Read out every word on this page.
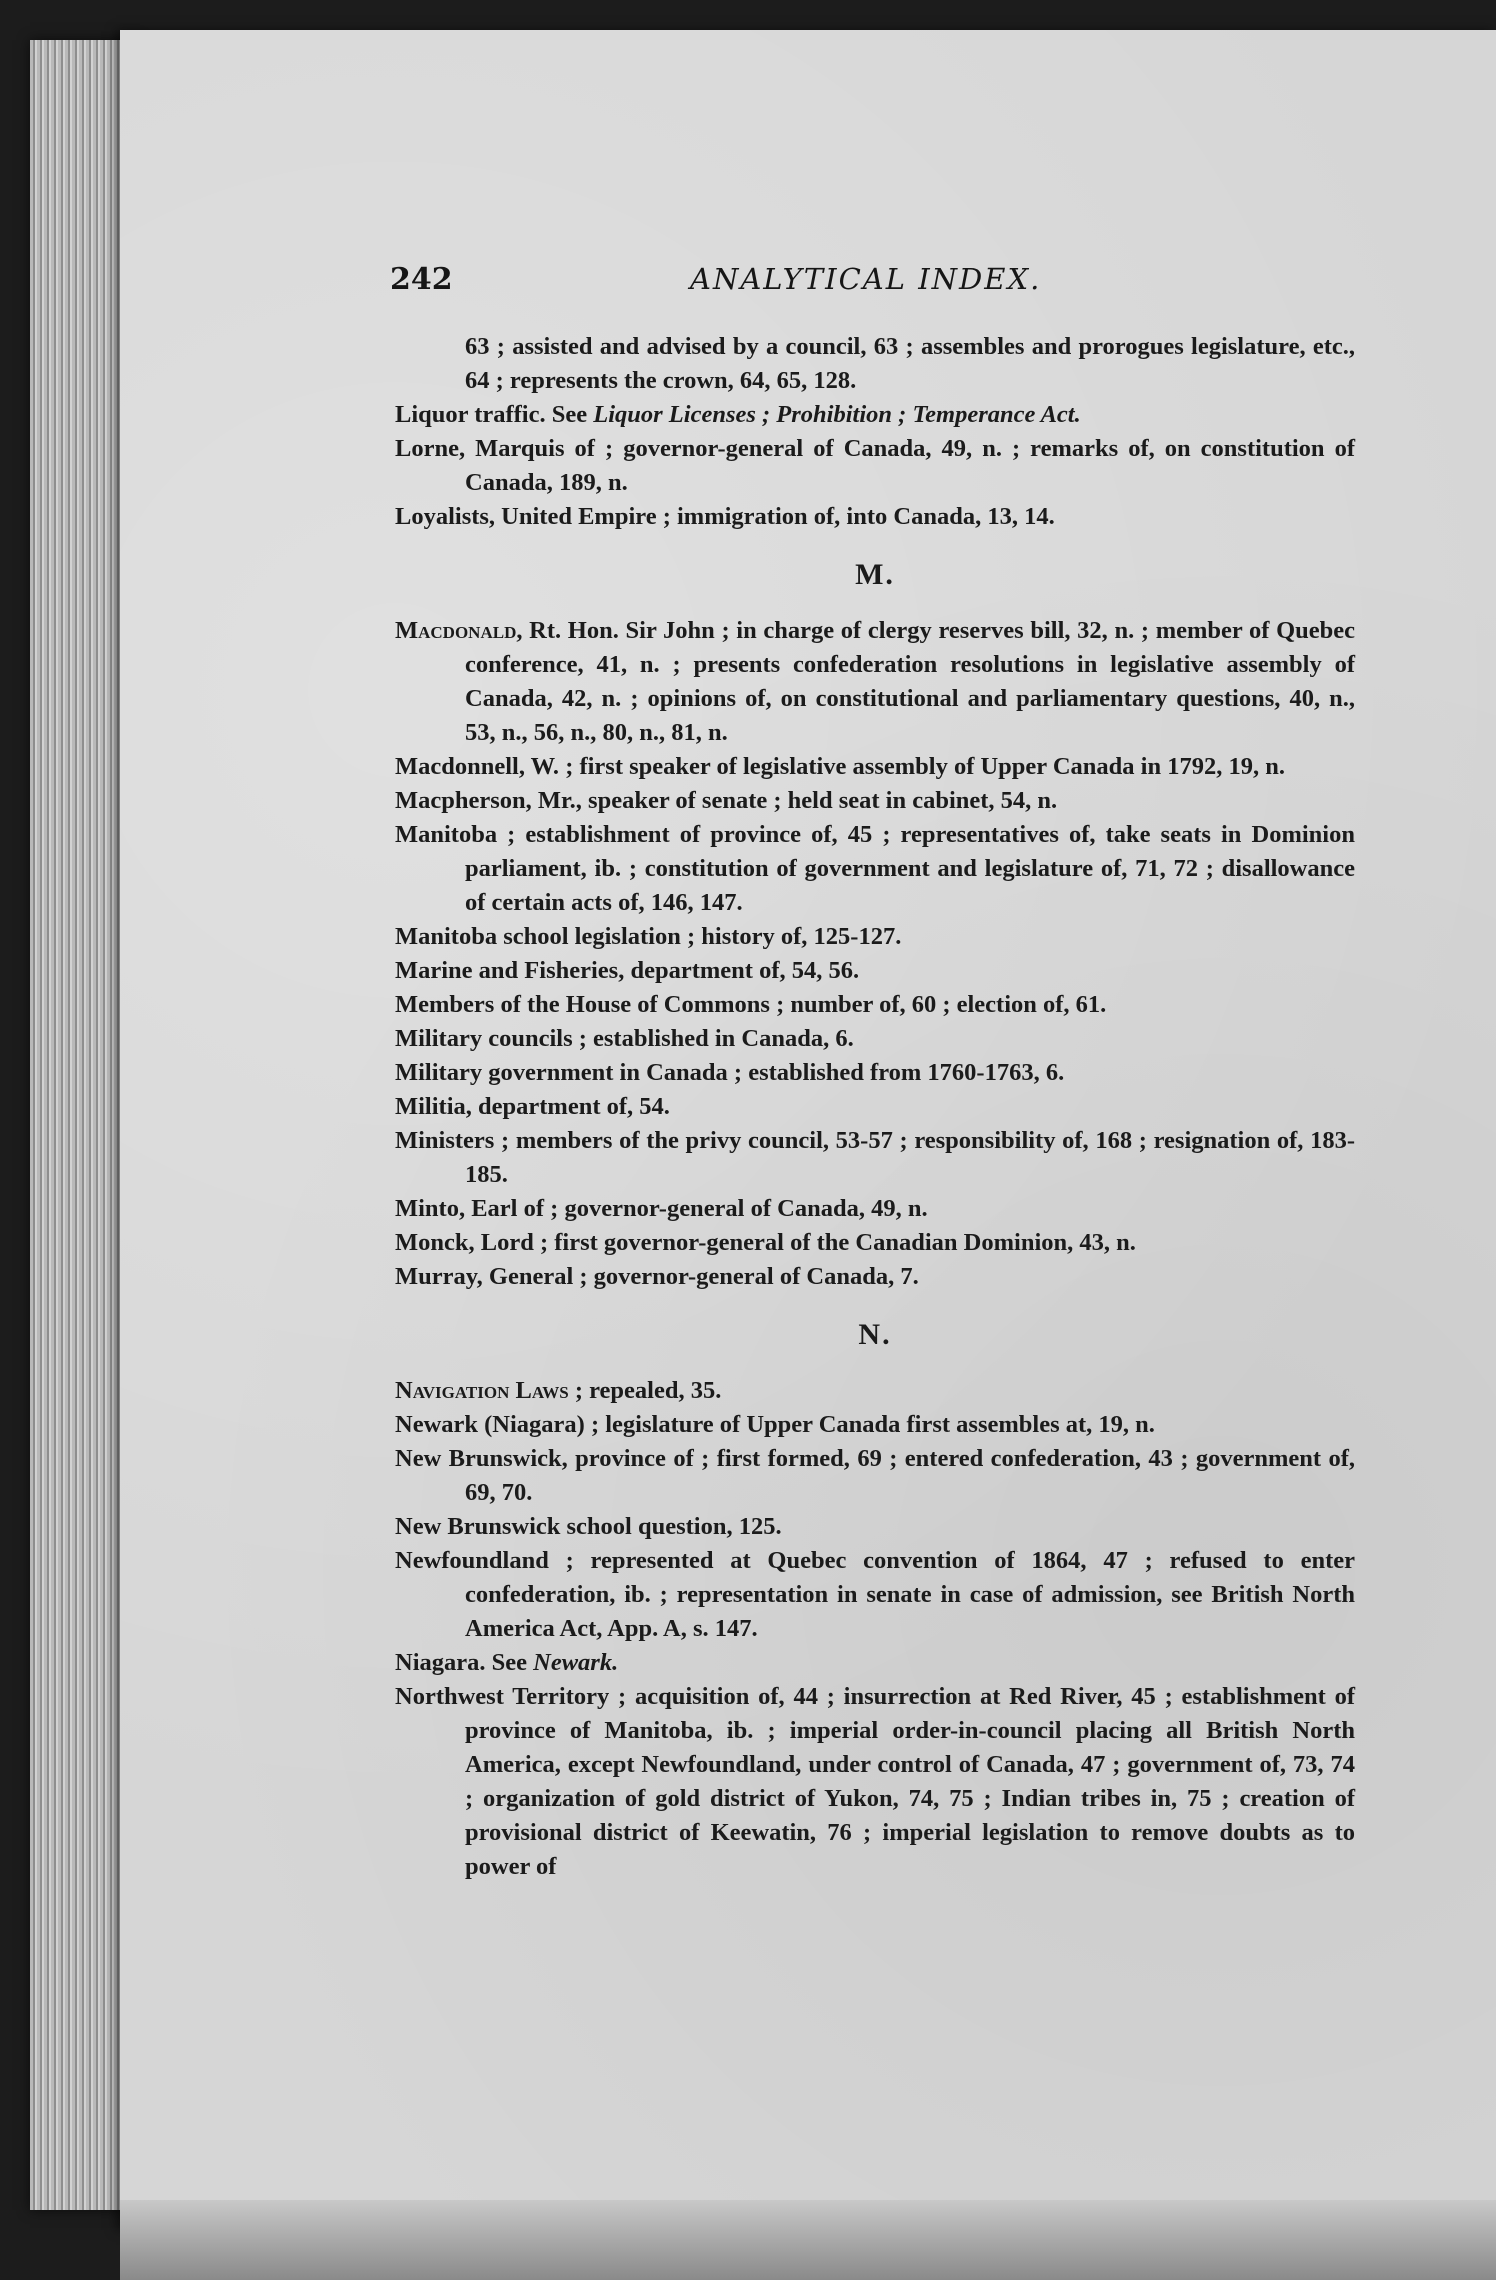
242	ANALYTICAL INDEX.

63 ; assisted and advised by a council, 63 ; assembles and prorogues legislature, etc., 64 ; represents the crown, 64, 65, 128.

Liquor traffic. See Liquor Licenses ; Prohibition ; Temperance Act.

Lorne, Marquis of ; governor-general of Canada, 49, n. ; remarks of, on constitution of Canada, 189, n.

Loyalists, United Empire ; immigration of, into Canada, 13, 14.

M.

Macdonald, Rt. Hon. Sir John ; in charge of clergy reserves bill, 32, n. ; member of Quebec conference, 41, n. ; presents confederation resolutions in legislative assembly of Canada, 42, n. ; opinions of, on constitutional and parliamentary questions, 40, n., 53, n., 56, n., 80, n., 81, n.

Macdonnell, W. ; first speaker of legislative assembly of Upper Canada in 1792, 19, n.

Macpherson, Mr., speaker of senate ; held seat in cabinet, 54, n.

Manitoba ; establishment of province of, 45 ; representatives of, take seats in Dominion parliament, ib. ; constitution of government and legislature of, 71, 72 ; disallowance of certain acts of, 146, 147.

Manitoba school legislation ; history of, 125-127.

Marine and Fisheries, department of, 54, 56.

Members of the House of Commons ; number of, 60 ; election of, 61.

Military councils ; established in Canada, 6.

Military government in Canada ; established from 1760-1763, 6.

Militia, department of, 54.

Ministers ; members of the privy council, 53-57 ; responsibility of, 168 ; resignation of, 183-185.

Minto, Earl of ; governor-general of Canada, 49, n.

Monck, Lord ; first governor-general of the Canadian Dominion, 43, n.

Murray, General ; governor-general of Canada, 7.

N.

Navigation Laws ; repealed, 35.

Newark (Niagara) ; legislature of Upper Canada first assembles at, 19, n.

New Brunswick, province of ; first formed, 69 ; entered confederation, 43 ; government of, 69, 70.

New Brunswick school question, 125.

Newfoundland ; represented at Quebec convention of 1864, 47 ; refused to enter confederation, ib. ; representation in senate in case of admission, see British North America Act, App. A, s. 147.

Niagara. See Newark.

Northwest Territory ; acquisition of, 44 ; insurrection at Red River, 45 ; establishment of province of Manitoba, ib. ; imperial order-in-council placing all British North America, except Newfoundland, under control of Canada, 47 ; government of, 73, 74 ; organization of gold district of Yukon, 74, 75 ; Indian tribes in, 75 ; creation of provisional district of Keewatin, 76 ; imperial legislation to remove doubts as to power of
